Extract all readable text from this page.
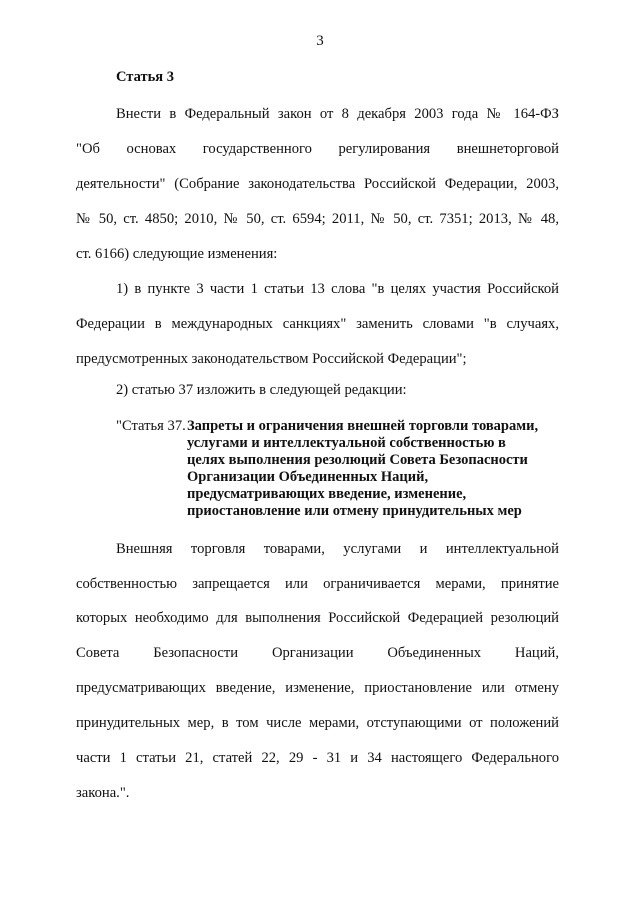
3
Статья 3
Внести в Федеральный закон от 8 декабря 2003 года № 164-ФЗ
"Об основах государственного регулирования внешнеторговой
деятельности" (Собрание законодательства Российской Федерации, 2003,
№ 50, ст. 4850; 2010, № 50, ст. 6594; 2011, № 50, ст. 7351; 2013, № 48,
ст. 6166) следующие изменения:
1) в пункте 3 части 1 статьи 13 слова "в целях участия Российской
Федерации в международных санкциях" заменить словами "в случаях,
предусмотренных законодательством Российской Федерации";
2) статью 37 изложить в следующей редакции:
"Статья 37. Запреты и ограничения внешней торговли товарами,
услугами и интеллектуальной собственностью в
целях выполнения резолюций Совета Безопасности
Организации Объединенных Наций,
предусматривающих введение, изменение,
приостановление или отмену принудительных мер
Внешняя торговля товарами, услугами и интеллектуальной
собственностью запрещается или ограничивается мерами, принятие
которых необходимо для выполнения Российской Федерацией резолюций
Совета Безопасности Организации Объединенных Наций,
предусматривающих введение, изменение, приостановление или отмену
принудительных мер, в том числе мерами, отступающими от положений
части 1 статьи 21, статей 22, 29 - 31 и 34 настоящего Федерального
закона.".
